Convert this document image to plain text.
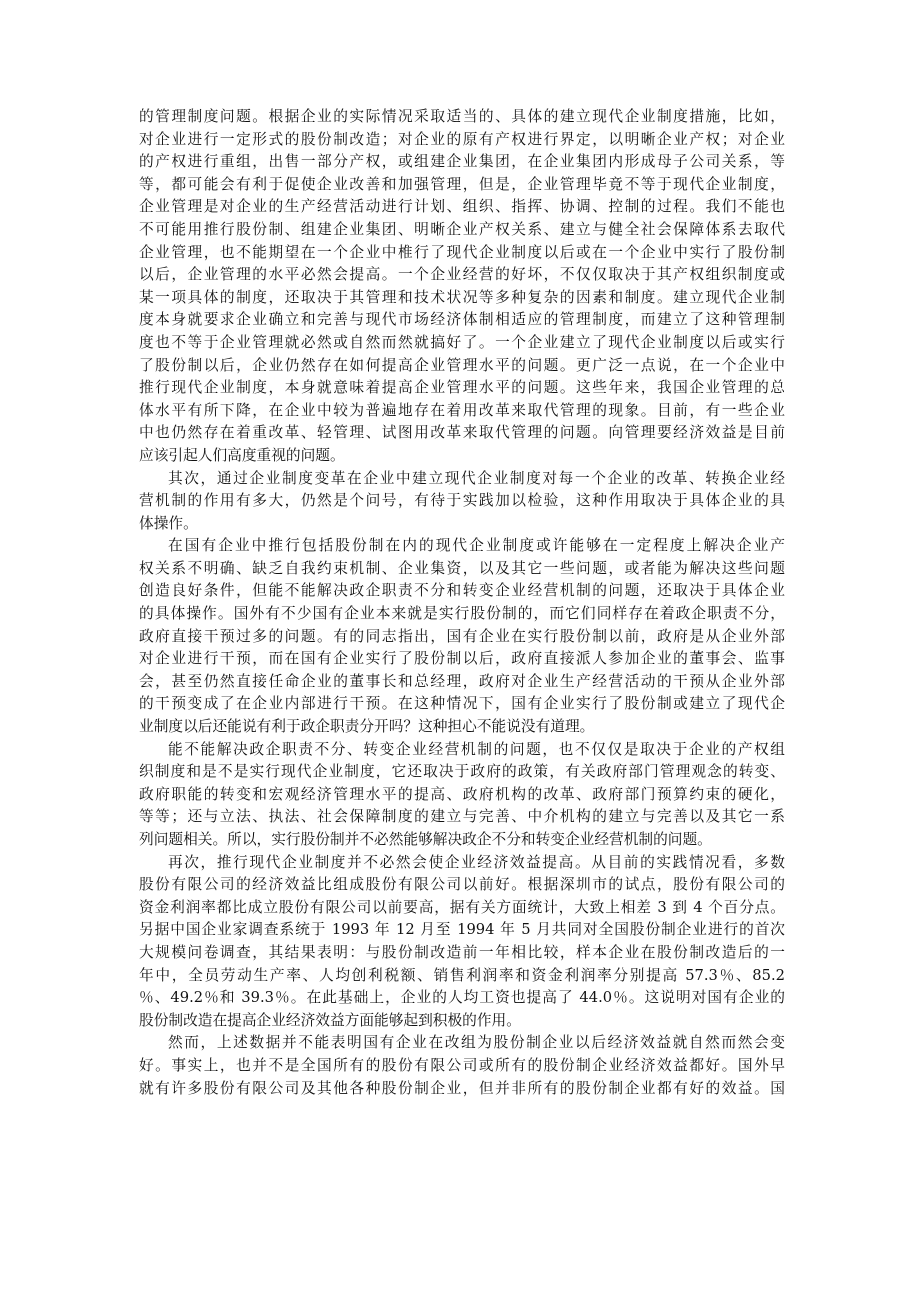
的管理制度问题。根据企业的实际情况采取适当的、具体的建立现代企业制度措施，比如，
对企业进行一定形式的股份制改造；对企业的原有产权进行界定，以明晰企业产权；对企业
的产权进行重组，出售一部分产权，或组建企业集团，在企业集团内形成母子公司关系，等
等，都可能会有利于促使企业改善和加强管理，但是，企业管理毕竟不等于现代企业制度，
企业管理是对企业的生产经营活动进行计划、组织、指挥、协调、控制的过程。我们不能也
不可能用推行股份制、组建企业集团、明晰企业产权关系、建立与健全社会保障体系去取代
企业管理，也不能期望在一个企业中椎行了现代企业制度以后或在一个企业中实行了股份制
以后，企业管理的水平必然会提高。一个企业经营的好坏，不仅仅取决于其产权组织制度或
某一项具体的制度，还取决于其管理和技术状况等多种复杂的因素和制度。建立现代企业制
度本身就要求企业确立和完善与现代市场经济体制相适应的管理制度，而建立了这种管理制
度也不等于企业管理就必然或自然而然就搞好了。一个企业建立了现代企业制度以后或实行
了股份制以后，企业仍然存在如何提高企业管理水平的问题。更广泛一点说，在一个企业中
推行现代企业制度，本身就意味着提高企业管理水平的问题。这些年来，我国企业管理的总
体水平有所下降，在企业中较为普遍地存在着用改革来取代管理的现象。目前，有一些企业
中也仍然存在着重改革、轻管理、试图用改革来取代管理的问题。向管理要经济效益是目前
应该引起人们高度重视的问题。

其次，通过企业制度变革在企业中建立现代企业制度对每一个企业的改革、转换企业经
营机制的作用有多大，仍然是个问号，有待于实践加以检验，这种作用取决于具体企业的具
体操作。

在国有企业中推行包括股份制在内的现代企业制度或许能够在一定程度上解决企业产
权关系不明确、缺乏自我约束机制、企业集资，以及其它一些问题，或者能为解决这些问题
创造良好条件，但能不能解决政企职责不分和转变企业经营机制的问题，还取决于具体企业
的具体操作。国外有不少国有企业本来就是实行股份制的，而它们同样存在着政企职责不分，
政府直接干预过多的问题。有的同志指出，国有企业在实行股份制以前，政府是从企业外部
对企业进行干预，而在国有企业实行了股份制以后，政府直接派人参加企业的董事会、监事
会，甚至仍然直接任命企业的董事长和总经理，政府对企业生产经营活动的干预从企业外部
的干预变成了在企业内部进行干预。在这种情况下，国有企业实行了股份制或建立了现代企
业制度以后还能说有利于政企职责分开吗？这种担心不能说没有道理。

能不能解决政企职责不分、转变企业经营机制的问题，也不仅仅是取决于企业的产权组
织制度和是不是实行现代企业制度，它还取决于政府的政策，有关政府部门管理观念的转变、
政府职能的转变和宏观经济管理水平的提高、政府机构的改革、政府部门预算约束的硬化，
等等；还与立法、执法、社会保障制度的建立与完善、中介机构的建立与完善以及其它一系
列问题相关。所以，实行股份制并不必然能够解决政企不分和转变企业经营机制的问题。

再次，推行现代企业制度并不必然会使企业经济效益提高。从目前的实践情况看，多数
股份有限公司的经济效益比组成股份有限公司以前好。根据深圳市的试点，股份有限公司的
资金利润率都比成立股份有限公司以前要高，据有关方面统计，大致上相差 3 到 4 个百分点。
另据中国企业家调查系统于 1993 年 12 月至 1994 年 5 月共同对全国股份制企业进行的首次
大规模问卷调查，其结果表明：与股份制改造前一年相比较，样本企业在股份制改造后的一
年中，全员劳动生产率、人均创利税额、销售利润率和资金利润率分别提高 57.3％、85.2
％、49.2％和 39.3％。在此基础上，企业的人均工资也提高了 44.0％。这说明对国有企业的
股份制改造在提高企业经济效益方面能够起到积极的作用。

然而，上述数据并不能表明国有企业在改组为股份制企业以后经济效益就自然而然会变
好。事实上，也并不是全国所有的股份有限公司或所有的股份制企业经济效益都好。国外早
就有许多股份有限公司及其他各种股份制企业，但并非所有的股份制企业都有好的效益。国
